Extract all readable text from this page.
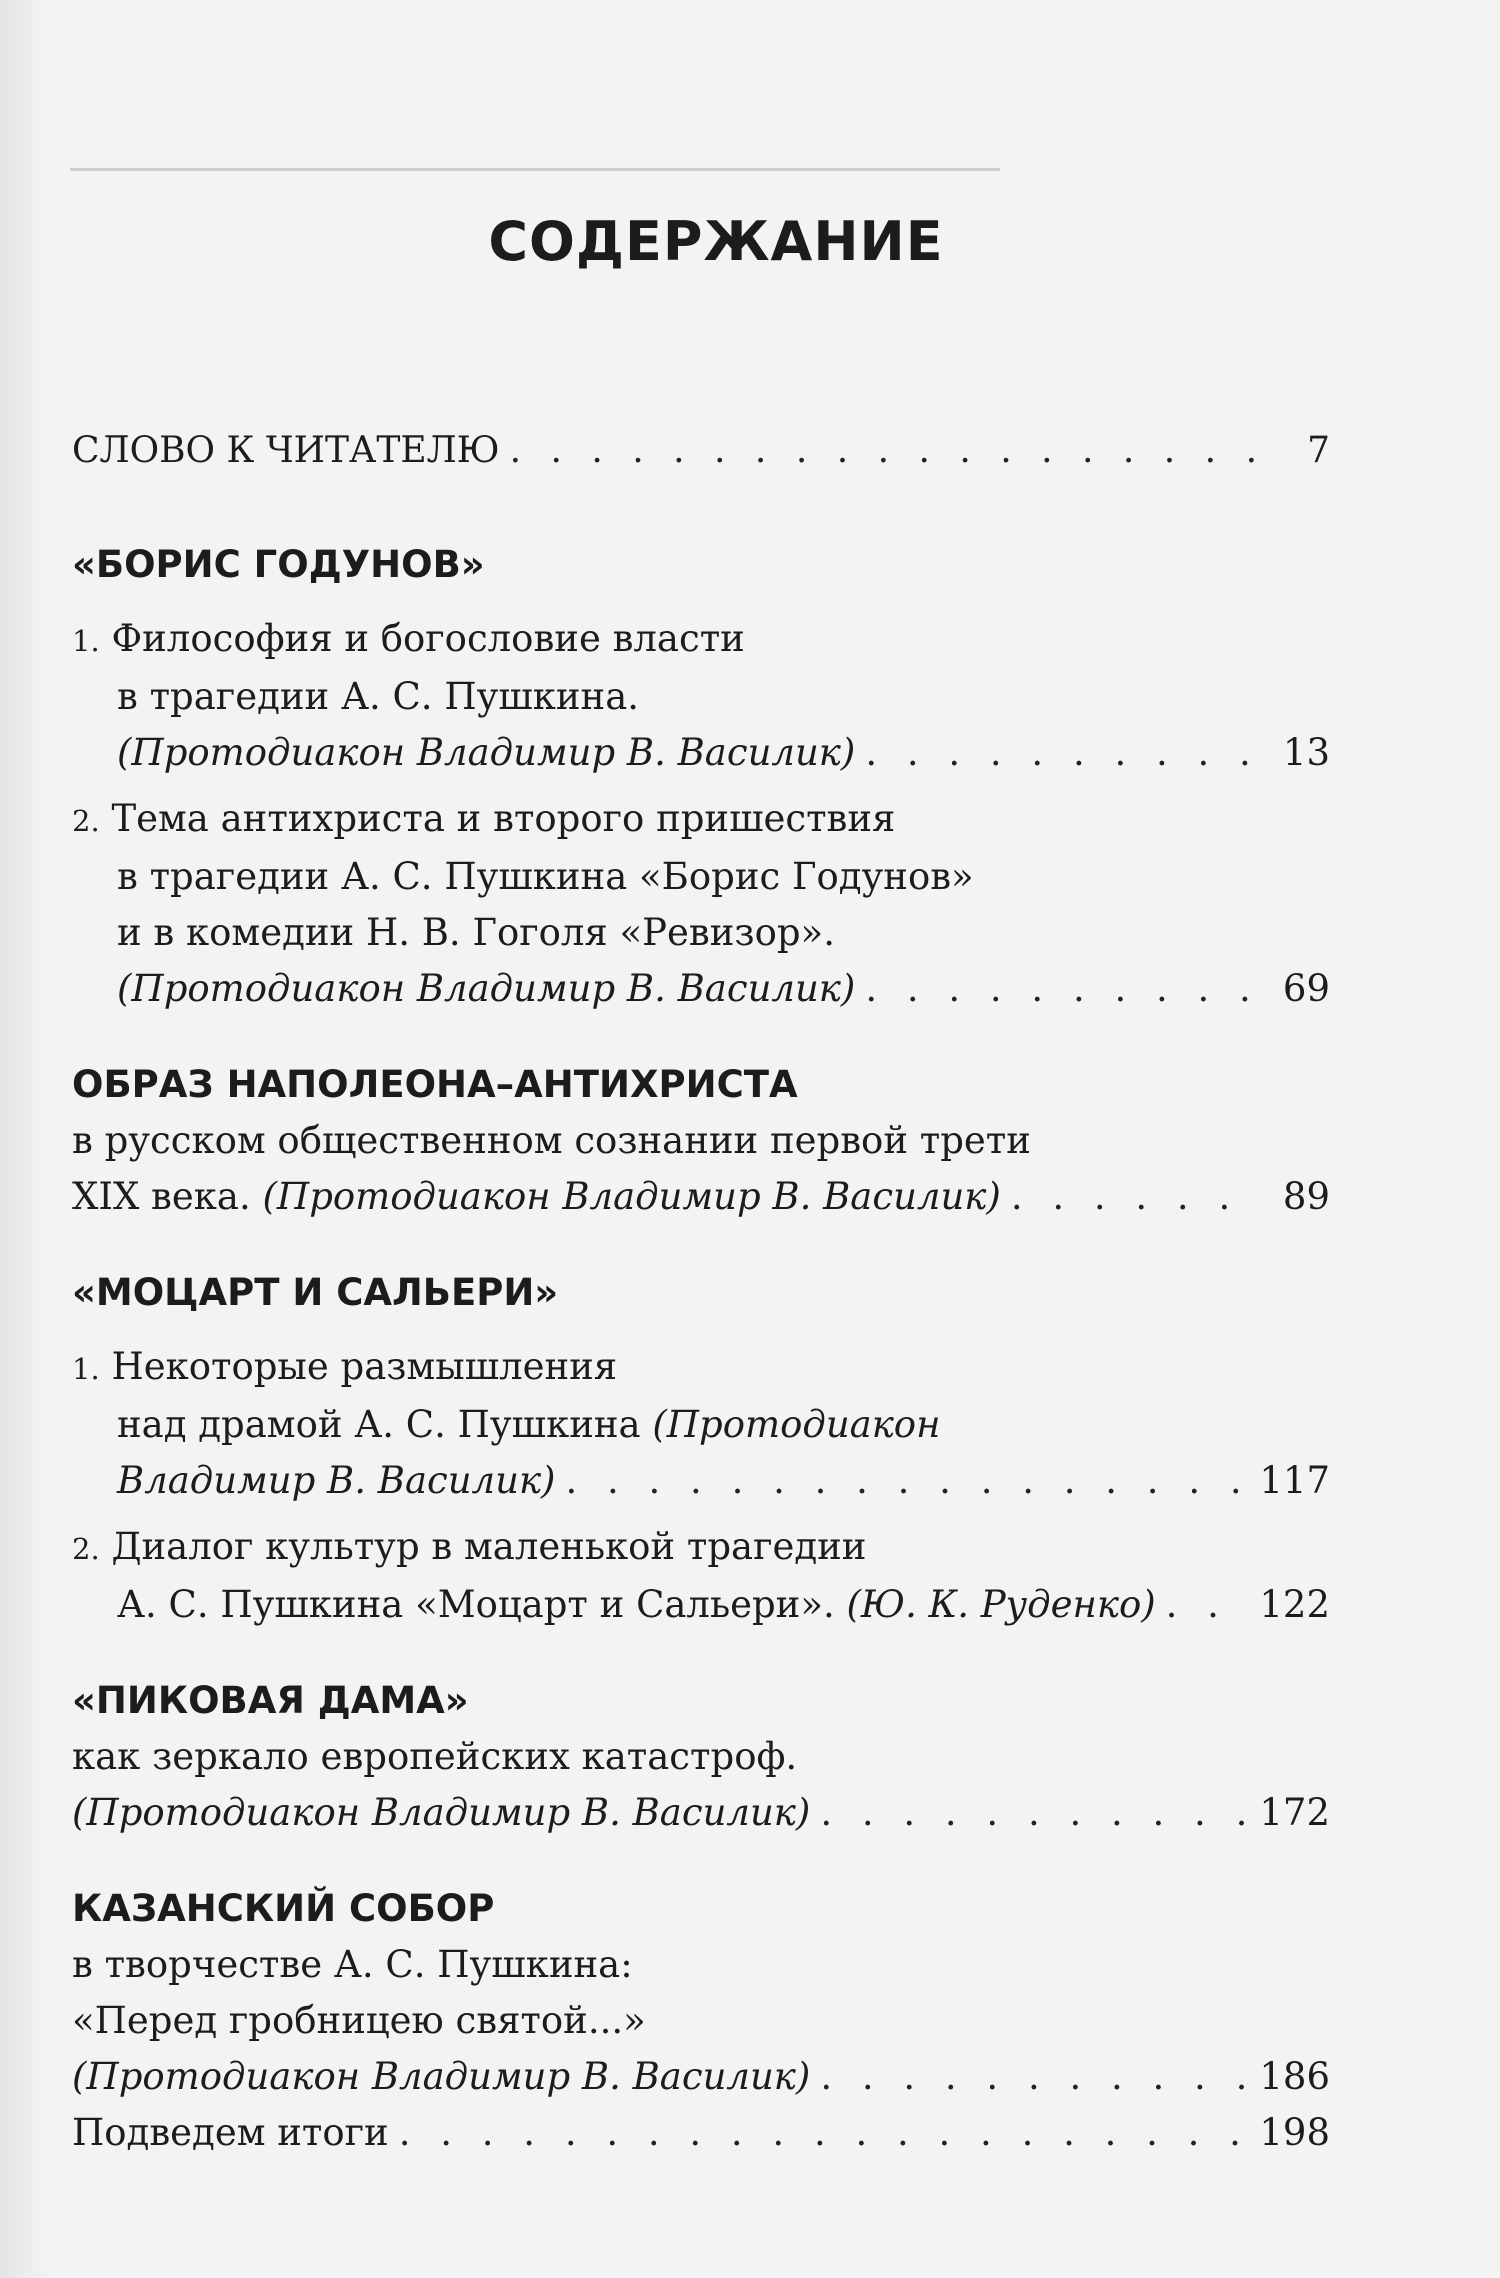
СОДЕРЖАНИЕ
СЛОВО К ЧИТАТЕЛЮ . . .	7
«БОРИС ГОДУНОВ»
1. Философия и богословие власти
в трагедии А. С. Пушкина.
(Протодиакон Владимир В. Василик) . . .	13
2. Тема антихриста и второго пришествия
в трагедии А. С. Пушкина «Борис Годунов»
и в комедии Н. В. Гоголя «Ревизор».
(Протодиакон Владимир В. Василик) . . .	69
ОБРАЗ НАПОЛЕОНА–АНТИХРИСТА
в русском общественном сознании первой трети
XIX века. (Протодиакон Владимир В. Василик) . . .	89
«МОЦАРТ И САЛЬЕРИ»
1. Некоторые размышления
над драмой А. С. Пушкина (Протодиакон
Владимир В. Василик) . . .	117
2. Диалог культур в маленькой трагедии
А. С. Пушкина «Моцарт и Сальери». (Ю. К. Руденко) . . .	122
«ПИКОВАЯ ДАМА»
как зеркало европейских катастроф.
(Протодиакон Владимир В. Василик) . . .	172
КАЗАНСКИЙ СОБОР
в творчестве А. С. Пушкина:
«Перед гробницею святой...»
(Протодиакон Владимир В. Василик) . . .	186
Подведем итоги . . .	198
